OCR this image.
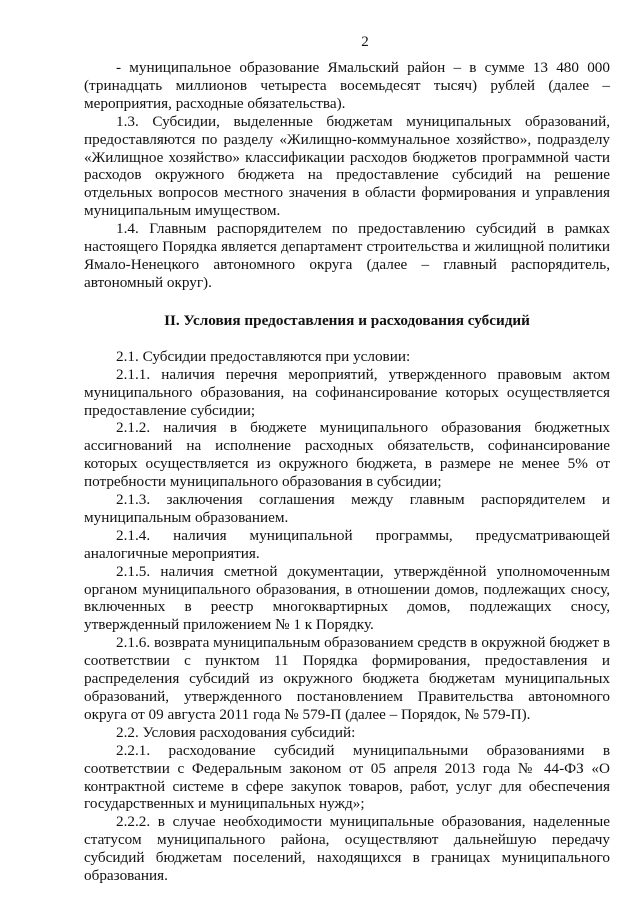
2

- муниципальное образование Ямальский район – в сумме 13 480 000 (тринадцать миллионов четыреста восемьдесят тысяч) рублей (далее – мероприятия, расходные обязательства).

1.3. Субсидии, выделенные бюджетам муниципальных образований, предоставляются по разделу «Жилищно-коммунальное хозяйство», подразделу «Жилищное хозяйство» классификации расходов бюджетов программной части расходов окружного бюджета на предоставление субсидий на решение отдельных вопросов местного значения в области формирования и управления муниципальным имуществом.

1.4. Главным распорядителем по предоставлению субсидий в рамках настоящего Порядка является департамент строительства и жилищной политики Ямало-Ненецкого автономного округа (далее – главный распорядитель, автономный округ).

II. Условия предоставления и расходования субсидий

2.1. Субсидии предоставляются при условии:

2.1.1. наличия перечня мероприятий, утвержденного правовым актом муниципального образования, на софинансирование которых осуществляется предоставление субсидии;

2.1.2. наличия в бюджете муниципального образования бюджетных ассигнований на исполнение расходных обязательств, софинансирование которых осуществляется из окружного бюджета, в размере не менее 5% от потребности муниципального образования в субсидии;

2.1.3. заключения соглашения между главным распорядителем и муниципальным образованием.

2.1.4. наличия муниципальной программы, предусматривающей аналогичные мероприятия.

2.1.5. наличия сметной документации, утверждённой уполномоченным органом муниципального образования, в отношении домов, подлежащих сносу, включенных в реестр многоквартирных домов, подлежащих сносу, утвержденный приложением № 1 к Порядку.

2.1.6. возврата муниципальным образованием средств в окружной бюджет в соответствии с пунктом 11 Порядка формирования, предоставления и распределения субсидий из окружного бюджета бюджетам муниципальных образований, утвержденного постановлением Правительства автономного округа от 09 августа 2011 года № 579-П (далее – Порядок, № 579-П).

2.2. Условия расходования субсидий:

2.2.1. расходование субсидий муниципальными образованиями в соответствии с Федеральным законом от 05 апреля 2013 года № 44-ФЗ «О контрактной системе в сфере закупок товаров, работ, услуг для обеспечения государственных и муниципальных нужд»;

2.2.2. в случае необходимости муниципальные образования, наделенные статусом муниципального района, осуществляют дальнейшую передачу субсидий бюджетам поселений, находящихся в границах муниципального образования.
